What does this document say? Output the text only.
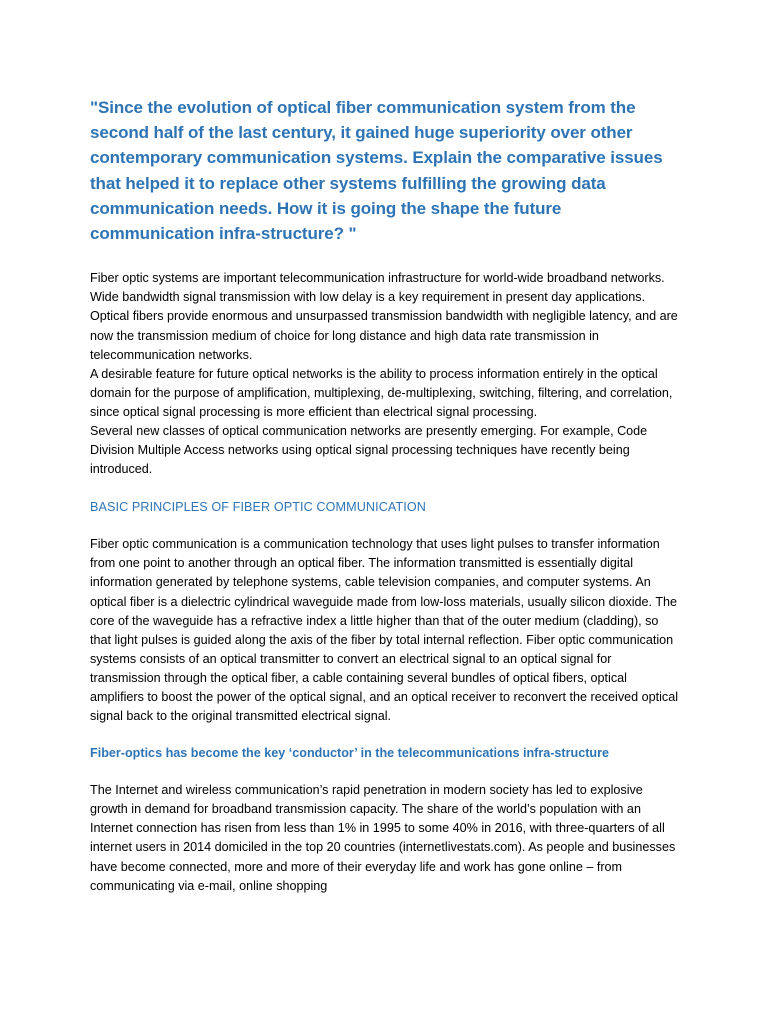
"Since the evolution of optical fiber communication system from the second half of the last century, it gained huge superiority over other contemporary communication systems. Explain the comparative issues that helped it to replace other systems fulfilling the growing data communication needs. How it is going the shape the future communication infra-structure? "

Fiber optic systems are important telecommunication infrastructure for world-wide broadband networks. Wide bandwidth signal transmission with low delay is a key requirement in present day applications. Optical fibers provide enormous and unsurpassed transmission bandwidth with negligible latency, and are now the transmission medium of choice for long distance and high data rate transmission in telecommunication networks.

A desirable feature for future optical networks is the ability to process information entirely in the optical domain for the purpose of amplification, multiplexing, de-multiplexing, switching, filtering, and correlation, since optical signal processing is more efficient than electrical signal processing.

Several new classes of optical communication networks are presently emerging. For example, Code Division Multiple Access networks using optical signal processing techniques have recently being introduced.

BASIC PRINCIPLES OF FIBER OPTIC COMMUNICATION

Fiber optic communication is a communication technology that uses light pulses to transfer information from one point to another through an optical fiber. The information transmitted is essentially digital information generated by telephone systems, cable television companies, and computer systems. An optical fiber is a dielectric cylindrical waveguide made from low-loss materials, usually silicon dioxide. The core of the waveguide has a refractive index a little higher than that of the outer medium (cladding), so that light pulses is guided along the axis of the fiber by total internal reflection. Fiber optic communication systems consists of an optical transmitter to convert an electrical signal to an optical signal for transmission through the optical fiber, a cable containing several bundles of optical fibers, optical amplifiers to boost the power of the optical signal, and an optical receiver to reconvert the received optical signal back to the original transmitted electrical signal.

Fiber-optics has become the key ‘conductor’ in the telecommunications infra-structure

The Internet and wireless communication’s rapid penetration in modern society has led to explosive growth in demand for broadband transmission capacity. The share of the world’s population with an Internet connection has risen from less than 1% in 1995 to some 40% in 2016, with three-quarters of all internet users in 2014 domiciled in the top 20 countries (internetlivestats.com). As people and businesses have become connected, more and more of their everyday life and work has gone online – from communicating via e-mail, online shopping
